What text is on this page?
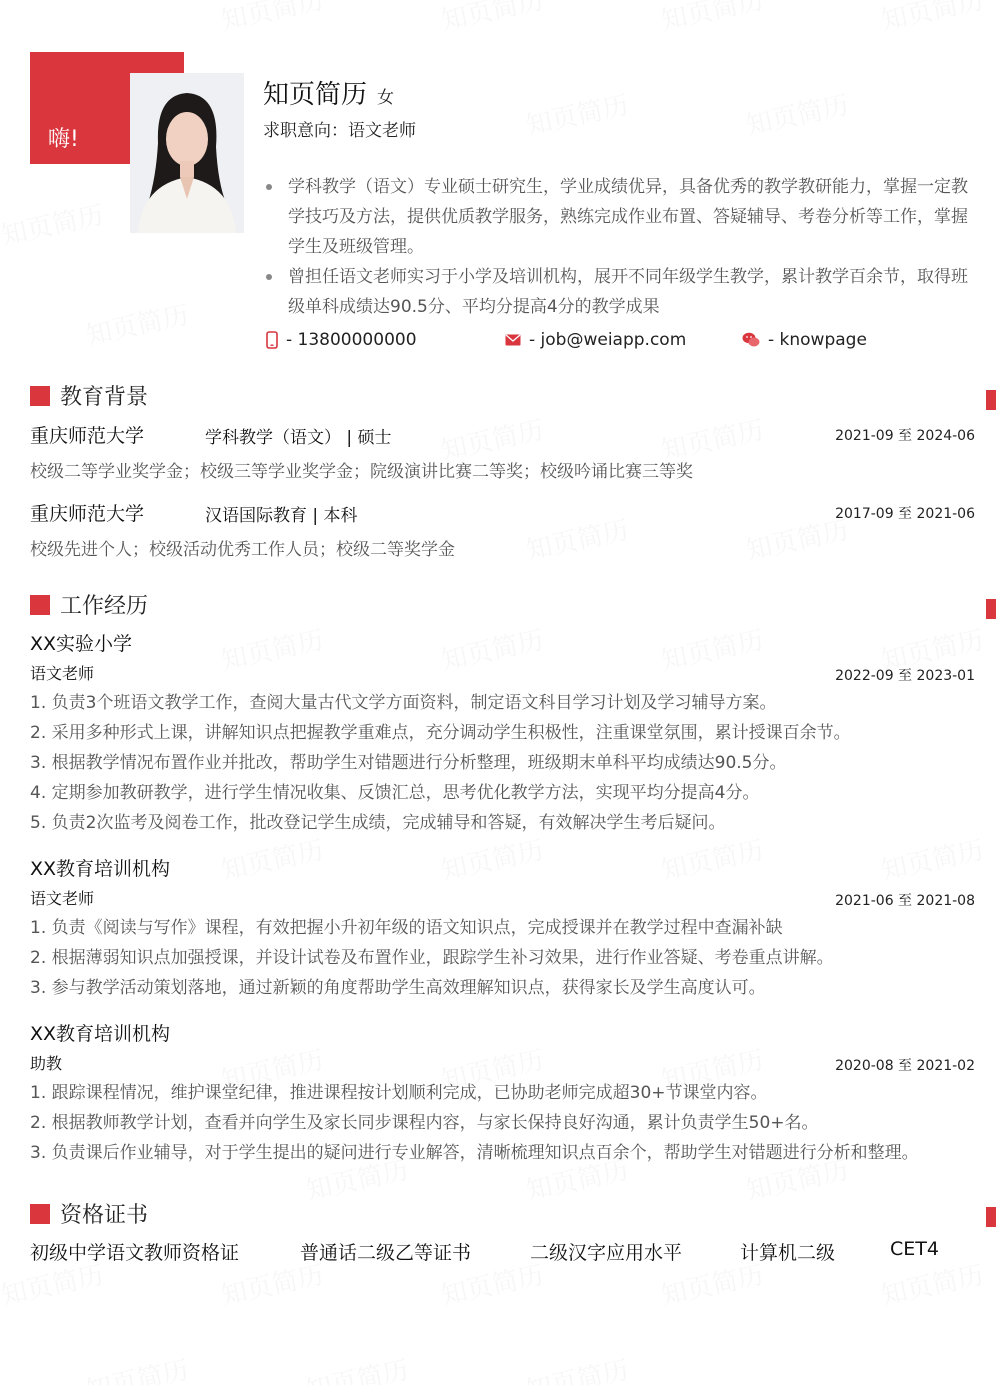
嗨!
知页简历 女
求职意向：语文老师
学科教学（语文）专业硕士研究生，学业成绩优异，具备优秀的教学教研能力，掌握一定教学技巧及方法，提供优质教学服务，熟练完成作业布置、答疑辅导、考卷分析等工作，掌握学生及班级管理。
曾担任语文老师实习于小学及培训机构，展开不同年级学生教学，累计教学百余节，取得班级单科成绩达90.5分、平均分提高4分的教学成果
- 13800000000	- job@weiapp.com	- knowpage
教育背景
重庆师范大学	学科教学（语文） | 硕士	2021-09 至 2024-06
校级二等学业奖学金；校级三等学业奖学金；院级演讲比赛二等奖；校级吟诵比赛三等奖
重庆师范大学	汉语国际教育 | 本科	2017-09 至 2021-06
校级先进个人；校级活动优秀工作人员；校级二等奖学金
工作经历
XX实验小学
语文老师	2022-09 至 2023-01
1. 负责3个班语文教学工作，查阅大量古代文学方面资料，制定语文科目学习计划及学习辅导方案。
2. 采用多种形式上课，讲解知识点把握教学重难点，充分调动学生积极性，注重课堂氛围，累计授课百余节。
3. 根据教学情况布置作业并批改，帮助学生对错题进行分析整理，班级期末单科平均成绩达90.5分。
4. 定期参加教研教学，进行学生情况收集、反馈汇总，思考优化教学方法，实现平均分提高4分。
5. 负责2次监考及阅卷工作，批改登记学生成绩，完成辅导和答疑，有效解决学生考后疑问。
XX教育培训机构
语文老师	2021-06 至 2021-08
1. 负责《阅读与写作》课程，有效把握小升初年级的语文知识点，完成授课并在教学过程中查漏补缺
2. 根据薄弱知识点加强授课，并设计试卷及布置作业，跟踪学生补习效果，进行作业答疑、考卷重点讲解。
3. 参与教学活动策划落地，通过新颖的角度帮助学生高效理解知识点，获得家长及学生高度认可。
XX教育培训机构
助教	2020-08 至 2021-02
1. 跟踪课程情况，维护课堂纪律，推进课程按计划顺利完成，已协助老师完成超30+节课堂内容。
2. 根据教师教学计划，查看并向学生及家长同步课程内容，与家长保持良好沟通，累计负责学生50+名。
3. 负责课后作业辅导，对于学生提出的疑问进行专业解答，清晰梳理知识点百余个，帮助学生对错题进行分析和整理。
资格证书
初级中学语文教师资格证	普通话二级乙等证书	二级汉字应用水平	计算机二级	CET4
